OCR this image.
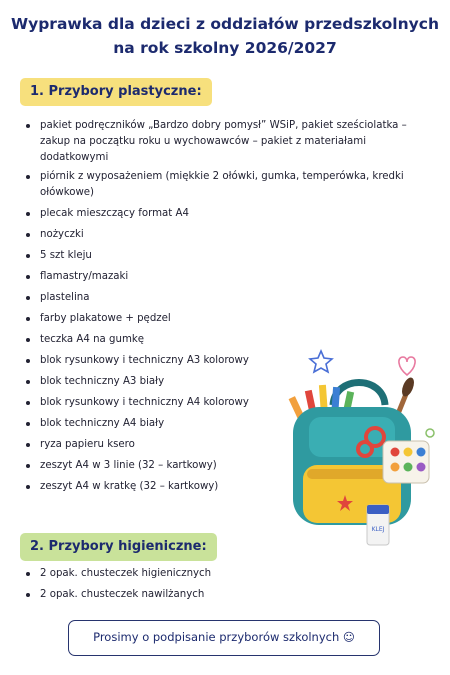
Wyprawka dla dzieci z oddziałów przedszkolnych
na rok szkolny 2026/2027
1. Przybory plastyczne:
pakiet podręczników „Bardzo dobry pomysł” WSiP, pakiet sześciolatka – zakup na początku roku u wychowawców – pakiet z materiałami dodatkowymi
piórnik z wyposażeniem (miękkie 2 ołówki, gumka, temperówka, kredki ołówkowe)
plecak mieszczący format A4
nożyczki
5 szt kleju
flamastry/mazaki
plastelina
farby plakatowe + pędzel
teczka A4 na gumkę
blok rysunkowy i techniczny A3 kolorowy
blok techniczny A3 biały
blok rysunkowy i techniczny A4 kolorowy
blok techniczny A4 biały
ryza papieru ksero
zeszyt A4 w 3 linie (32 – kartkowy)
zeszyt A4 w kratkę (32 – kartkowy)
2. Przybory higieniczne:
2 opak. chusteczek higienicznych
2 opak. chusteczek nawilżanych
Prosimy o podpisanie przyborów szkolnych ☺
KLEJ
